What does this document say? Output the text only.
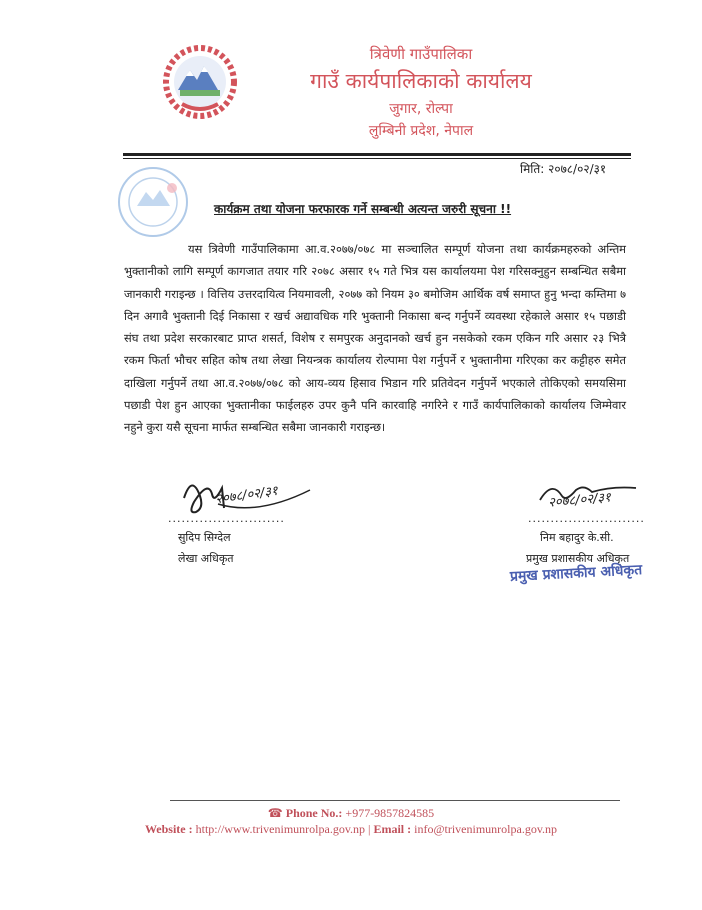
त्रिवेणी गाउँपालिका
गाउँ कार्यपालिकाको कार्यालय
जुगार, रोल्पा
लुम्बिनी प्रदेश, नेपाल
मिति: २०७८/०२/३१
कार्यक्रम तथा योजना फरफारक गर्ने सम्बन्धी अत्यन्त जरुरी सूचना !!

यस त्रिवेणी गाउँपालिकामा आ.व.२०७७/०७८ मा सञ्चालित सम्पूर्ण योजना तथा कार्यक्रमहरुको अन्तिम भुक्तानीको लागि सम्पूर्ण कागजात तयार गरि २०७८ असार १५ गते भित्र यस कार्यालयमा पेश गरिसक्नुहुन सम्बन्धित सबैमा जानकारी गराइन्छ । वित्तिय उत्तरदायित्व नियमावली, २०७७ को नियम ३० बमोजिम आर्थिक वर्ष समाप्त हुनु भन्दा कम्तिमा ७ दिन अगावै भुक्तानी दिई निकासा र खर्च अद्यावधिक गरि भुक्तानी निकासा बन्द गर्नुपर्ने व्यवस्था रहेकाले असार १५ पछाडी संघ तथा प्रदेश सरकारबाट प्राप्त शसर्त, विशेष र समपुरक अनुदानको खर्च हुन नसकेको रकम एकिन गरि असार २३ भित्रै रकम फिर्ता भौचर सहित कोष तथा लेखा नियन्त्रक कार्यालय रोल्पामा पेश गर्नुपर्ने र भुक्तानीमा गरिएका कर कट्टीहरु समेत दाखिला गर्नुपर्ने तथा आ.व.२०७७/०७८ को आय-व्यय हिसाव भिडान गरि प्रतिवेदन गर्नुपर्ने भएकाले तोकिएको समयसिमा पछाडी पेश हुन आएका भुक्तानीका फाईलहरु उपर कुनै पनि कारवाहि नगरिने र गाउँ कार्यपालिकाको कार्यालय जिम्मेवार नहुने कुरा यसै सूचना मार्फत सम्बन्धित सबैमा जानकारी गराइन्छ।

२०७८/०२/३१
..........................
सुदिप सिग्देल
लेखा अधिकृत
२०७८/०२/३१
..........................
निम बहादुर के.सी.
प्रमुख प्रशासकीय अधिकृत
प्रमुख प्रशासकीय अधिकृत
☎ Phone No.: +977-9857824585
Website : http://www.trivenimunrolpa.gov.np | Email : info@trivenimunrolpa.gov.np
